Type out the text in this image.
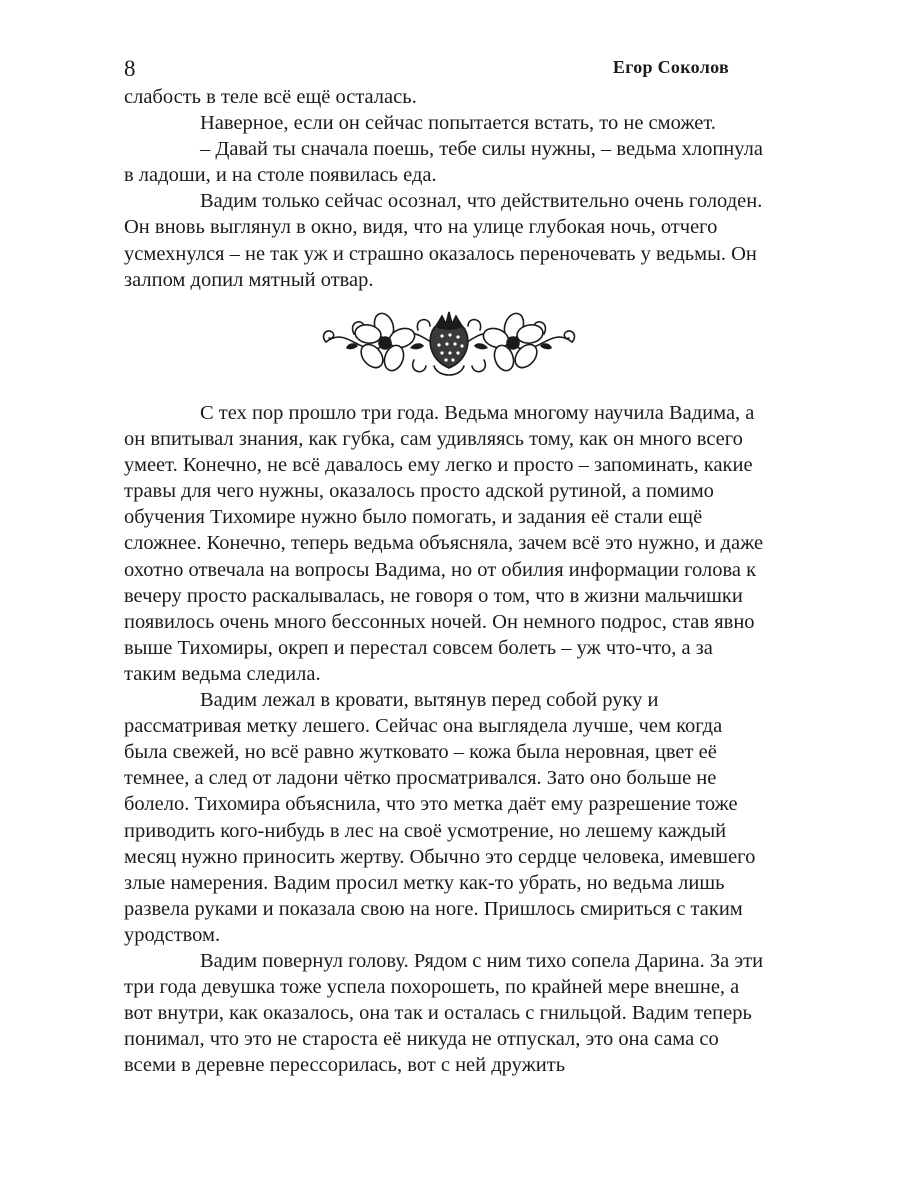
8	Егор Соколов

слабость в теле всё ещё осталась.

Наверное, если он сейчас попытается встать, то не сможет.

– Давай ты сначала поешь, тебе силы нужны, – ведьма хлопнула в ладоши, и на столе появилась еда.

Вадим только сейчас осознал, что действительно очень голоден. Он вновь выглянул в окно, видя, что на улице глубокая ночь, отчего усмехнулся – не так уж и страшно оказалось переночевать у ведьмы. Он залпом допил мятный отвар.

С тех пор прошло три года. Ведьма многому научила Вадима, а он впитывал знания, как губка, сам удивляясь тому, как он много всего умеет. Конечно, не всё давалось ему легко и просто – запоминать, какие травы для чего нужны, оказалось просто адской рутиной, а помимо обучения Тихомире нужно было помогать, и задания её стали ещё сложнее. Конечно, теперь ведьма объясняла, зачем всё это нужно, и даже охотно отвечала на вопросы Вадима, но от обилия информации голова к вечеру просто раскалывалась, не говоря о том, что в жизни мальчишки появилось очень много бессонных ночей. Он немного подрос, став явно выше Тихомиры, окреп и перестал совсем болеть – уж что-что, а за таким ведьма следила.

Вадим лежал в кровати, вытянув перед собой руку и рассматривая метку лешего. Сейчас она выглядела лучше, чем когда была свежей, но всё равно жутковато – кожа была неровная, цвет её темнее, а след от ладони чётко просматривался. Зато оно больше не болело. Тихомира объяснила, что это метка даёт ему разрешение тоже приводить кого-нибудь в лес на своё усмотрение, но лешему каждый месяц нужно приносить жертву. Обычно это сердце человека, имевшего злые намерения. Вадим просил метку как-то убрать, но ведьма лишь развела руками и показала свою на ноге. Пришлось смириться с таким уродством.

Вадим повернул голову. Рядом с ним тихо сопела Дарина. За эти три года девушка тоже успела похорошеть, по крайней мере внешне, а вот внутри, как оказалось, она так и осталась с гнильцой. Вадим теперь понимал, что это не староста её никуда не отпускал, это она сама со всеми в деревне перессорилась, вот с ней дружить
